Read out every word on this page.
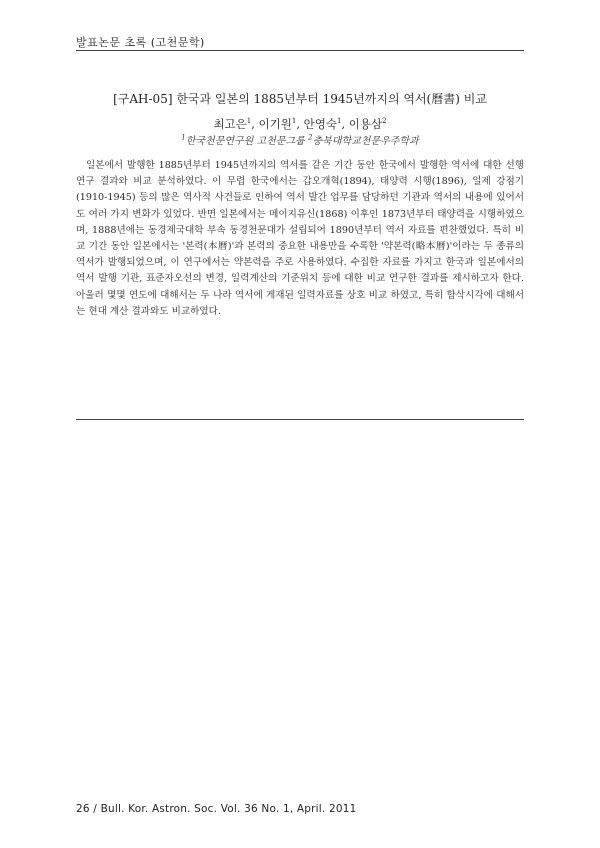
발표논문 초록 (고천문학)
[구AH-05] 한국과 일본의 1885년부터 1945년까지의 역서(曆書) 비교
최고은$^1$, 이기원$^1$, 안영숙$^1$, 이용삼$^2$
$^1$한국천문연구원 고천문그룹 $^2$충북대학교천문우주학과

일본에서 발행한 1885년부터 1945년까지의 역서를 같은 기간 동안 한국에서 발행한 역서에 대한 선행 연구 결과와 비교 분석하였다. 이 무렵 한국에서는 갑오개혁(1894), 태양력 시행(1896), 일제 강점기(1910-1945) 등의 많은 역사적 사건들로 인하여 역서 발간 업무를 담당하던 기관과 역서의 내용에 있어서도 여러 가지 변화가 있었다. 반면 일본에서는 메이지유신(1868) 이후인 1873년부터 태양력을 시행하였으며, 1888년에는 동경제국대학 부속 동경천문대가 설립되어 1890년부터 역서 자료를 편찬했었다. 특히 비교 기간 동안 일본에서는 '본력(本曆)'과 본력의 중요한 내용만을 수록한 '약본력(略本曆)'이라는 두 종류의 역서가 발행되었으며, 이 연구에서는 약본력을 주로 사용하였다. 수집한 자료를 가지고 한국과 일본에서의 역서 발행 기관, 표준자오선의 변경, 일력계산의 기준위치 등에 대한 비교 연구한 결과를 제시하고자 한다. 아울러 몇몇 연도에 대해서는 두 나라 역서에 게재된 일력자료를 상호 비교 하였고, 특히 합삭시각에 대해서는 현대 계산 결과와도 비교하였다.

26 / Bull. Kor. Astron. Soc. Vol. 36 No. 1, April. 2011
